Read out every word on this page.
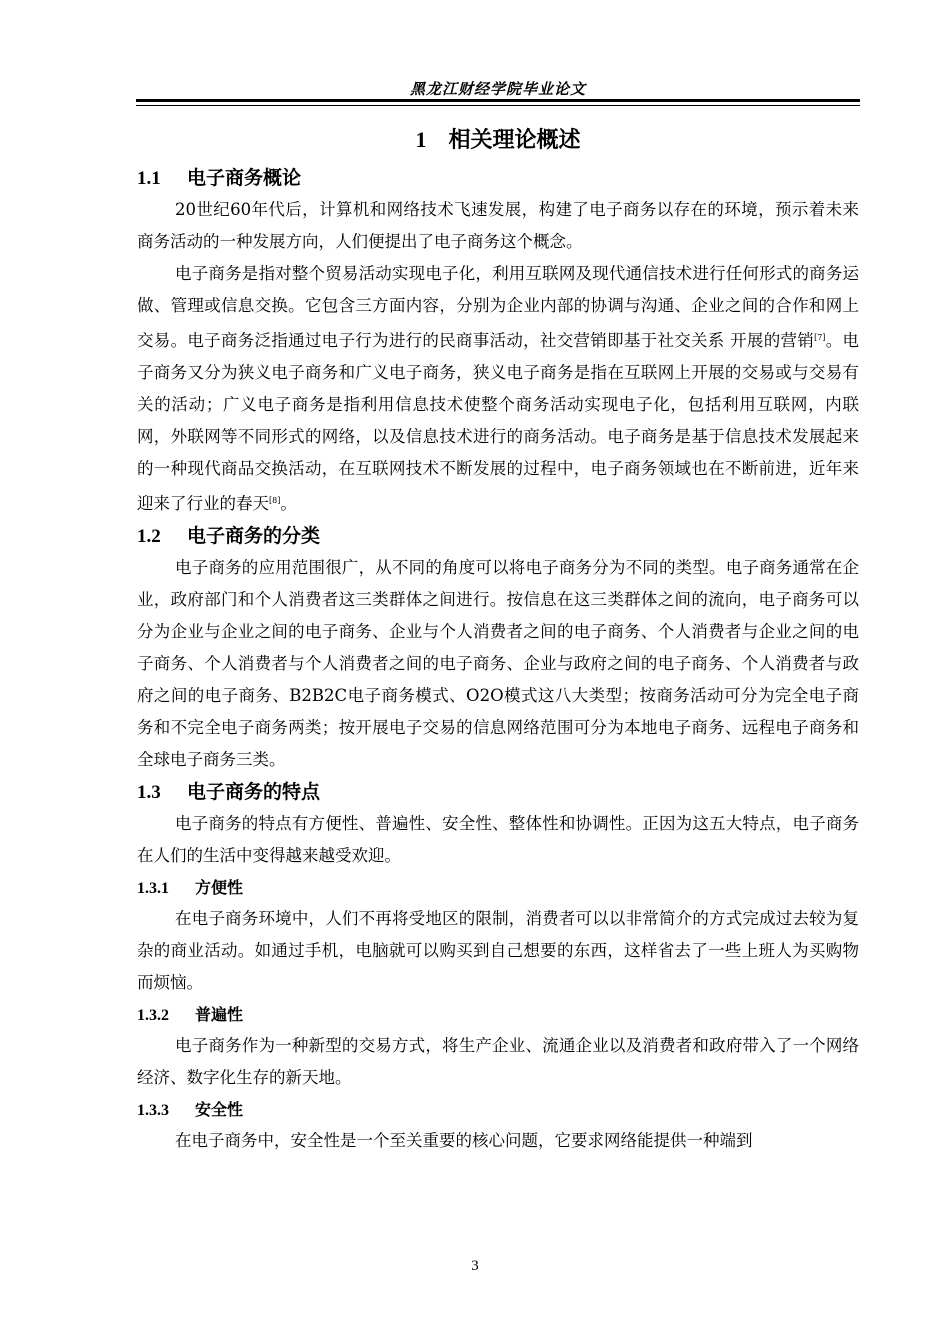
黑龙江财经学院毕业论文
1 相关理论概述
1.1 电子商务概论

20世纪60年代后，计算机和网络技术飞速发展，构建了电子商务以存在的环境，预示着未来商务活动的一种发展方向，人们便提出了电子商务这个概念。

电子商务是指对整个贸易活动实现电子化，利用互联网及现代通信技术进行任何形式的商务运做、管理或信息交换。它包含三方面内容，分别为企业内部的协调与沟通、企业之间的合作和网上交易。电子商务泛指通过电子行为进行的民商事活动，社交营销即基于社交关系 开展的营销[7]。电子商务又分为狭义电子商务和广义电子商务，狭义电子商务是指在互联网上开展的交易或与交易有关的活动；广义电子商务是指利用信息技术使整个商务活动实现电子化，包括利用互联网，内联网，外联网等不同形式的网络，以及信息技术进行的商务活动。电子商务是基于信息技术发展起来的一种现代商品交换活动，在互联网技术不断发展的过程中，电子商务领域也在不断前进，近年来迎来了行业的春天[8]。

1.2 电子商务的分类

电子商务的应用范围很广，从不同的角度可以将电子商务分为不同的类型。电子商务通常在企业，政府部门和个人消费者这三类群体之间进行。按信息在这三类群体之间的流向，电子商务可以分为企业与企业之间的电子商务、企业与个人消费者之间的电子商务、个人消费者与企业之间的电子商务、个人消费者与个人消费者之间的电子商务、企业与政府之间的电子商务、个人消费者与政府之间的电子商务、B2B2C电子商务模式、O2O模式这八大类型；按商务活动可分为完全电子商务和不完全电子商务两类；按开展电子交易的信息网络范围可分为本地电子商务、远程电子商务和全球电子商务三类。

1.3 电子商务的特点

电子商务的特点有方便性、普遍性、安全性、整体性和协调性。正因为这五大特点，电子商务在人们的生活中变得越来越受欢迎。

1.3.1 方便性

在电子商务环境中，人们不再将受地区的限制，消费者可以以非常简介的方式完成过去较为复杂的商业活动。如通过手机，电脑就可以购买到自己想要的东西，这样省去了一些上班人为买购物而烦恼。

1.3.2 普遍性

电子商务作为一种新型的交易方式，将生产企业、流通企业以及消费者和政府带入了一个网络经济、数字化生存的新天地。

1.3.3 安全性

在电子商务中，安全性是一个至关重要的核心问题，它要求网络能提供一种端到

3
